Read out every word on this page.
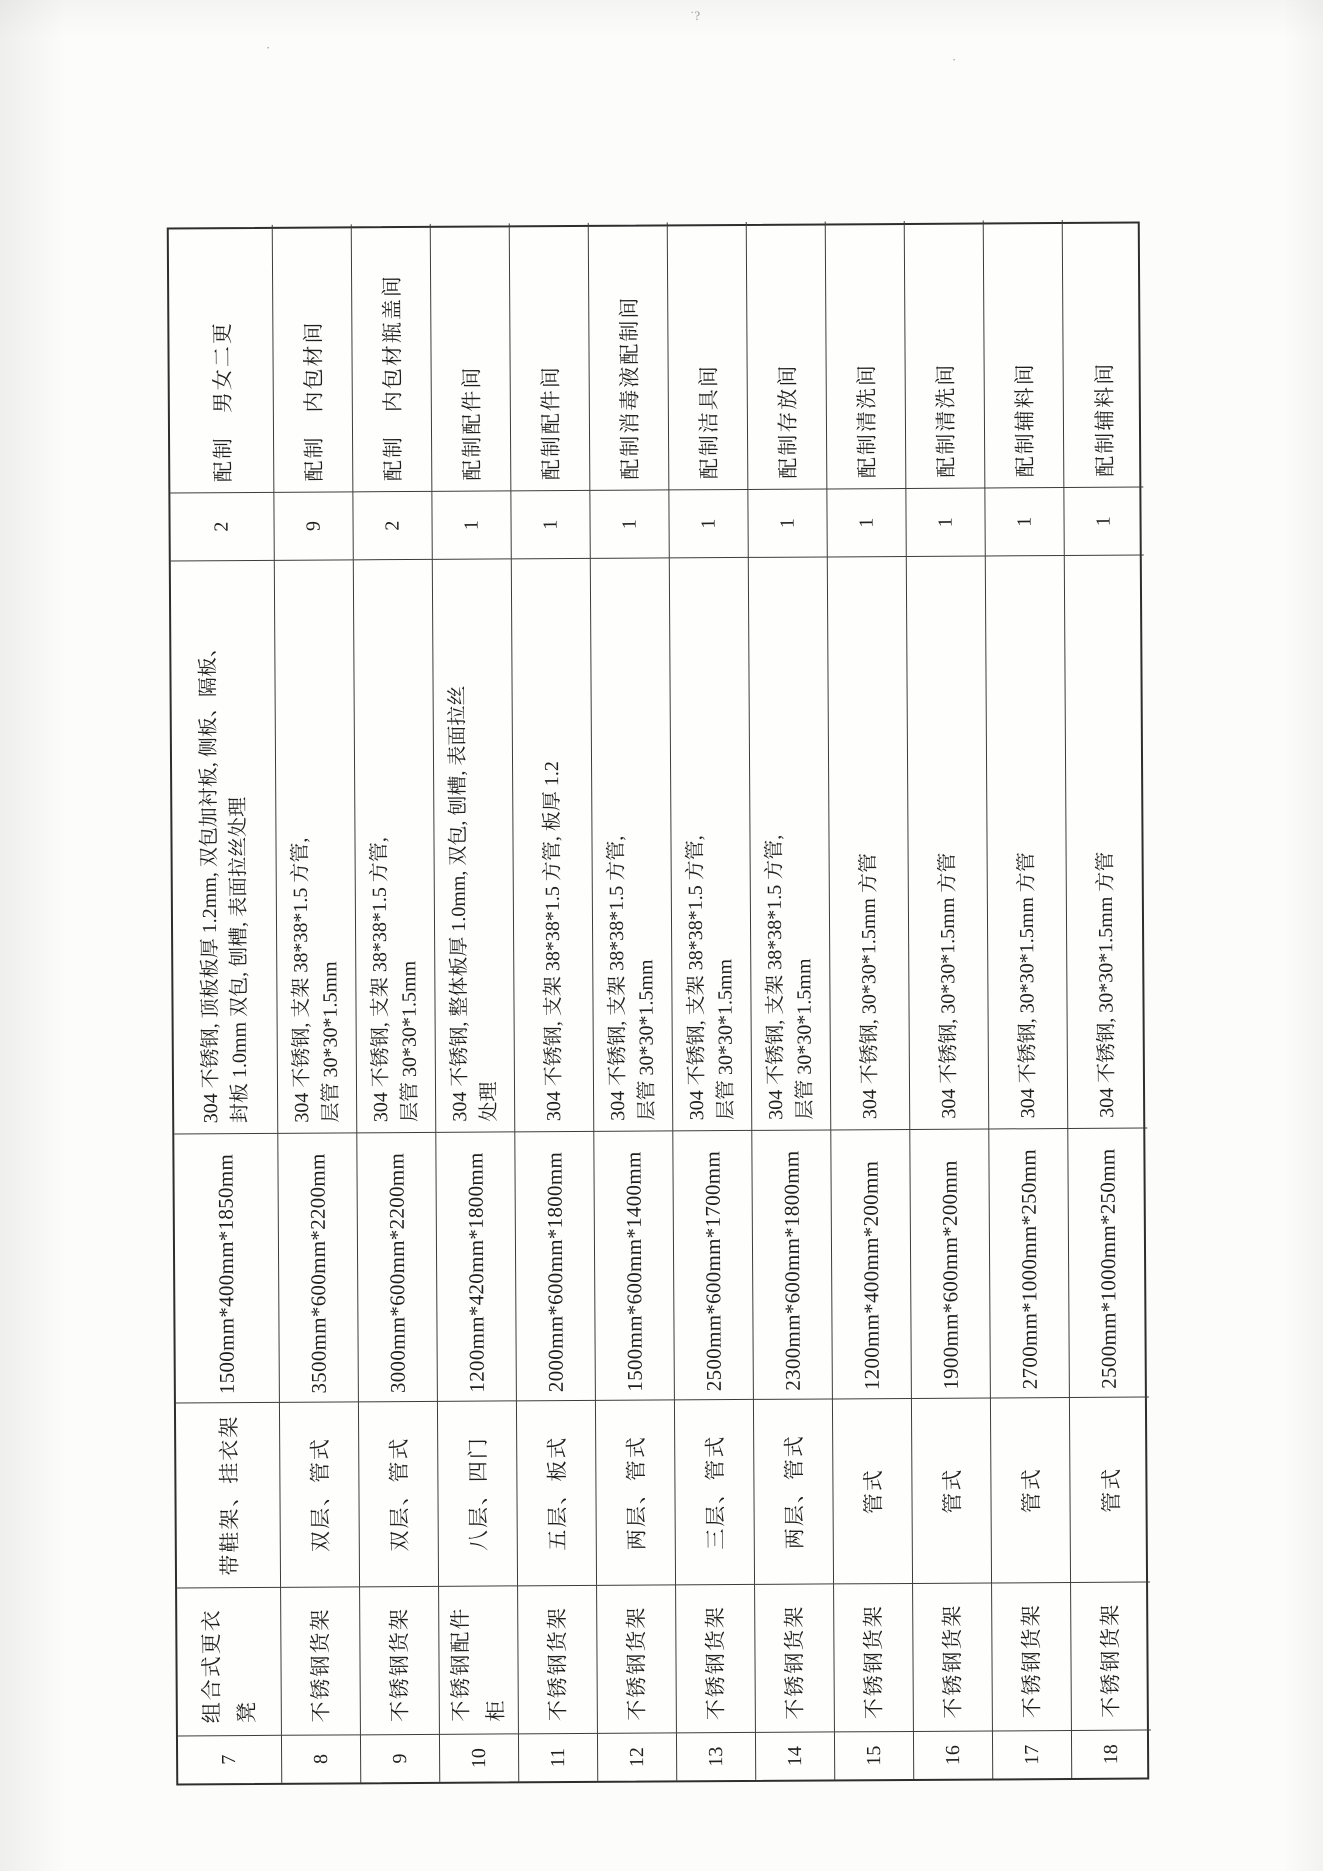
˙?
·
·
7
组合式更衣 凳
带鞋架、挂衣架
1500mm*400mm*1850mm
304 不锈钢, 顶板板厚 1.2mm, 双包加衬板, 侧板、隔板、 封板 1.0mm 双包, 刨槽, 表面拉丝处理
2
配制　男女二更
8
不锈钢货架
双层、管式
3500mm*600mm*2200mm
304 不锈钢, 支架 38*38*1.5 方管, 层管 30*30*1.5mm
9
配制　内包材间
9
不锈钢货架
双层、管式
3000mm*600mm*2200mm
304 不锈钢, 支架 38*38*1.5 方管, 层管 30*30*1.5mm
2
配制　内包材瓶盖间
10
不锈钢配件 柜
八层、四门
1200mm*420mm*1800mm
304 不锈钢, 整体板厚 1.0mm, 双包, 刨槽, 表面拉丝 处理
1
配制配件间
11
不锈钢货架
五层、板式
2000mm*600mm*1800mm
304 不锈钢, 支架 38*38*1.5 方管, 板厚 1.2
1
配制配件间
12
不锈钢货架
两层、管式
1500mm*600mm*1400mm
304 不锈钢, 支架 38*38*1.5 方管, 层管 30*30*1.5mm
1
配制消毒液配制间
13
不锈钢货架
三层、管式
2500mm*600mm*1700mm
304 不锈钢, 支架 38*38*1.5 方管, 层管 30*30*1.5mm
1
配制洁具间
14
不锈钢货架
两层、管式
2300mm*600mm*1800mm
304 不锈钢, 支架 38*38*1.5 方管, 层管 30*30*1.5mm
1
配制存放间
15
不锈钢货架
管式
1200mm*400mm*200mm
304 不锈钢, 30*30*1.5mm 方管
1
配制清洗间
16
不锈钢货架
管式
1900mm*600mm*200mm
304 不锈钢, 30*30*1.5mm 方管
1
配制清洗间
17
不锈钢货架
管式
2700mm*1000mm*250mm
304 不锈钢, 30*30*1.5mm 方管
1
配制辅料间
18
不锈钢货架
管式
2500mm*1000mm*250mm
304 不锈钢, 30*30*1.5mm 方管
1
配制辅料间
